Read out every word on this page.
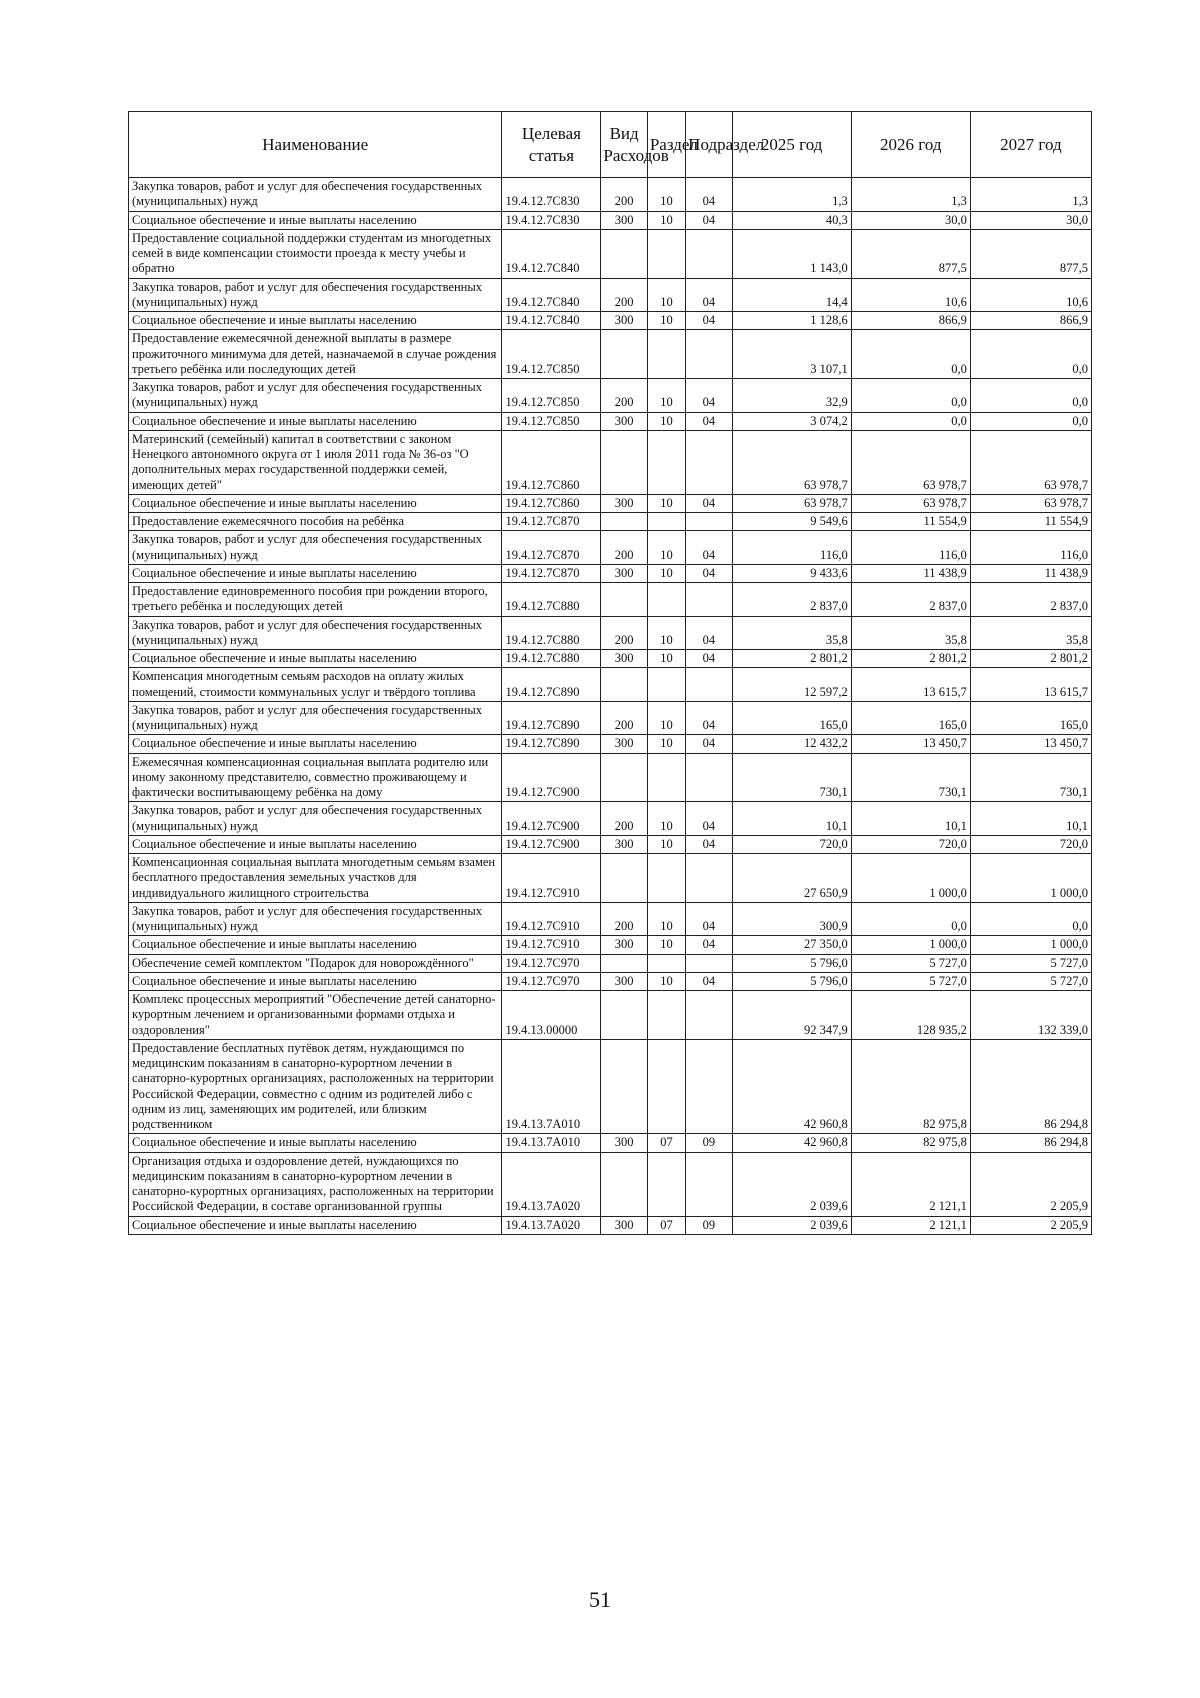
Наименование	Целевая статья	Вид Расходов	Раздел	Подраздел	2025 год	2026 год	2027 год
Закупка товаров, работ и услуг для обеспечения государственных (муниципальных) нужд	19.4.12.7С830	200	10	04	1,3	1,3	1,3
Социальное обеспечение и иные выплаты населению	19.4.12.7С830	300	10	04	40,3	30,0	30,0
Предоставление социальной поддержки студентам из многодетных семей в виде компенсации стоимости проезда к месту учебы и обратно	19.4.12.7С840				1 143,0	877,5	877,5
Закупка товаров, работ и услуг для обеспечения государственных (муниципальных) нужд	19.4.12.7С840	200	10	04	14,4	10,6	10,6
Социальное обеспечение и иные выплаты населению	19.4.12.7С840	300	10	04	1 128,6	866,9	866,9
Предоставление ежемесячной денежной выплаты в размере прожиточного минимума для детей, назначаемой в случае рождения третьего ребёнка или последующих детей	19.4.12.7С850				3 107,1	0,0	0,0
Закупка товаров, работ и услуг для обеспечения государственных (муниципальных) нужд	19.4.12.7С850	200	10	04	32,9	0,0	0,0
Социальное обеспечение и иные выплаты населению	19.4.12.7С850	300	10	04	3 074,2	0,0	0,0
Материнский (семейный) капитал в соответствии с законом Ненецкого автономного округа от 1 июля 2011 года № 36-оз "О дополнительных мерах государственной поддержки семей, имеющих детей"	19.4.12.7С860				63 978,7	63 978,7	63 978,7
Социальное обеспечение и иные выплаты населению	19.4.12.7С860	300	10	04	63 978,7	63 978,7	63 978,7
Предоставление ежемесячного пособия на ребёнка	19.4.12.7С870				9 549,6	11 554,9	11 554,9
Закупка товаров, работ и услуг для обеспечения государственных (муниципальных) нужд	19.4.12.7С870	200	10	04	116,0	116,0	116,0
Социальное обеспечение и иные выплаты населению	19.4.12.7С870	300	10	04	9 433,6	11 438,9	11 438,9
Предоставление единовременного пособия при рождении второго, третьего ребёнка и последующих детей	19.4.12.7С880				2 837,0	2 837,0	2 837,0
Закупка товаров, работ и услуг для обеспечения государственных (муниципальных) нужд	19.4.12.7С880	200	10	04	35,8	35,8	35,8
Социальное обеспечение и иные выплаты населению	19.4.12.7С880	300	10	04	2 801,2	2 801,2	2 801,2
Компенсация многодетным семьям расходов на оплату жилых помещений, стоимости коммунальных услуг и твёрдого топлива	19.4.12.7С890				12 597,2	13 615,7	13 615,7
Закупка товаров, работ и услуг для обеспечения государственных (муниципальных) нужд	19.4.12.7С890	200	10	04	165,0	165,0	165,0
Социальное обеспечение и иные выплаты населению	19.4.12.7С890	300	10	04	12 432,2	13 450,7	13 450,7
Ежемесячная компенсационная социальная выплата родителю или иному законному представителю, совместно проживающему и фактически воспитывающему ребёнка на дому	19.4.12.7С900				730,1	730,1	730,1
Закупка товаров, работ и услуг для обеспечения государственных (муниципальных) нужд	19.4.12.7С900	200	10	04	10,1	10,1	10,1
Социальное обеспечение и иные выплаты населению	19.4.12.7С900	300	10	04	720,0	720,0	720,0
Компенсационная социальная выплата многодетным семьям взамен бесплатного предоставления земельных участков для индивидуального жилищного строительства	19.4.12.7С910				27 650,9	1 000,0	1 000,0
Закупка товаров, работ и услуг для обеспечения государственных (муниципальных) нужд	19.4.12.7С910	200	10	04	300,9	0,0	0,0
Социальное обеспечение и иные выплаты населению	19.4.12.7С910	300	10	04	27 350,0	1 000,0	1 000,0
Обеспечение семей комплектом "Подарок для новорождённого"	19.4.12.7С970				5 796,0	5 727,0	5 727,0
Социальное обеспечение и иные выплаты населению	19.4.12.7С970	300	10	04	5 796,0	5 727,0	5 727,0
Комплекс процессных мероприятий "Обеспечение детей санаторно-курортным лечением и организованными формами отдыха и оздоровления"	19.4.13.00000				92 347,9	128 935,2	132 339,0
Предоставление бесплатных путёвок детям, нуждающимся по медицинским показаниям в санаторно-курортном лечении в санаторно-курортных организациях, расположенных на территории Российской Федерации, совместно с одним из родителей либо с одним из лиц, заменяющих им родителей, или близким родственником	19.4.13.7А010				42 960,8	82 975,8	86 294,8
Социальное обеспечение и иные выплаты населению	19.4.13.7А010	300	07	09	42 960,8	82 975,8	86 294,8
Организация отдыха и оздоровление детей, нуждающихся по медицинским показаниям в санаторно-курортном лечении в санаторно-курортных организациях, расположенных на территории Российской Федерации, в составе организованной группы	19.4.13.7А020				2 039,6	2 121,1	2 205,9
Социальное обеспечение и иные выплаты населению	19.4.13.7А020	300	07	09	2 039,6	2 121,1	2 205,9
51
